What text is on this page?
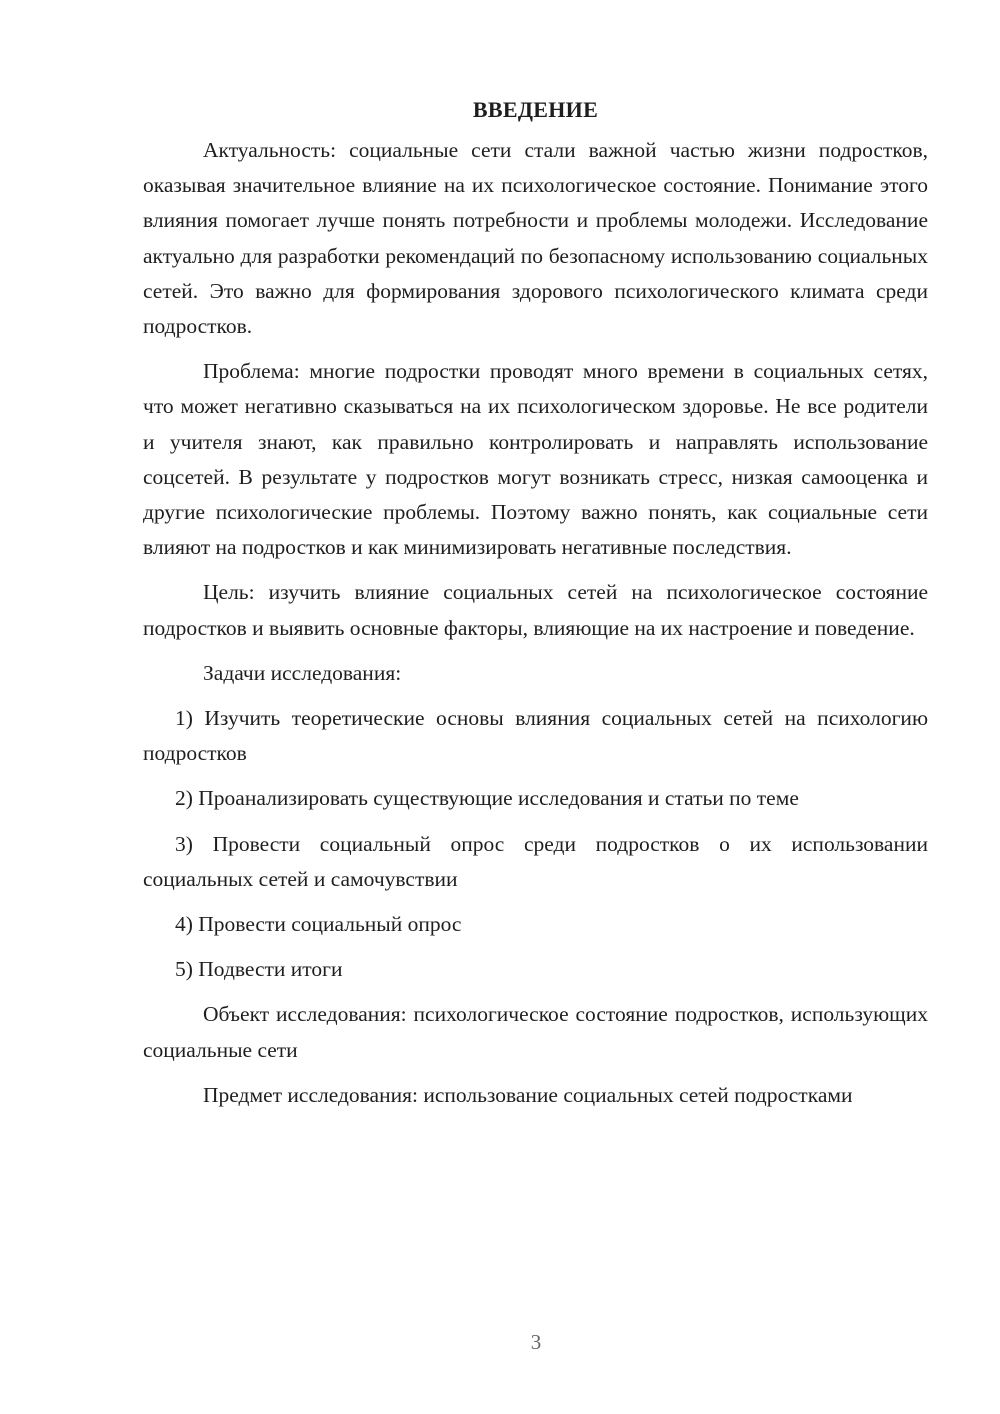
ВВЕДЕНИЕ

Актуальность: социальные сети стали важной частью жизни подростков, оказывая значительное влияние на их психологическое состояние. Понимание этого влияния помогает лучше понять потребности и проблемы молодежи. Исследование актуально для разработки рекомендаций по безопасному использованию социальных сетей. Это важно для формирования здорового психологического климата среди подростков.

Проблема: многие подростки проводят много времени в социальных сетях, что может негативно сказываться на их психологическом здоровье. Не все родители и учителя знают, как правильно контролировать и направлять использование соцсетей. В результате у подростков могут возникать стресс, низкая самооценка и другие психологические проблемы. Поэтому важно понять, как социальные сети влияют на подростков и как минимизировать негативные последствия.

Цель: изучить влияние социальных сетей на психологическое состояние подростков и выявить основные факторы, влияющие на их настроение и поведение.

Задачи исследования:

1) Изучить теоретические основы влияния социальных сетей на психологию подростков

2) Проанализировать существующие исследования и статьи по теме

3) Провести социальный опрос среди подростков о их использовании социальных сетей и самочувствии

4) Провести социальный опрос

5) Подвести итоги

Объект исследования: психологическое состояние подростков, использующих социальные сети

Предмет исследования: использование социальных сетей подростками

3
